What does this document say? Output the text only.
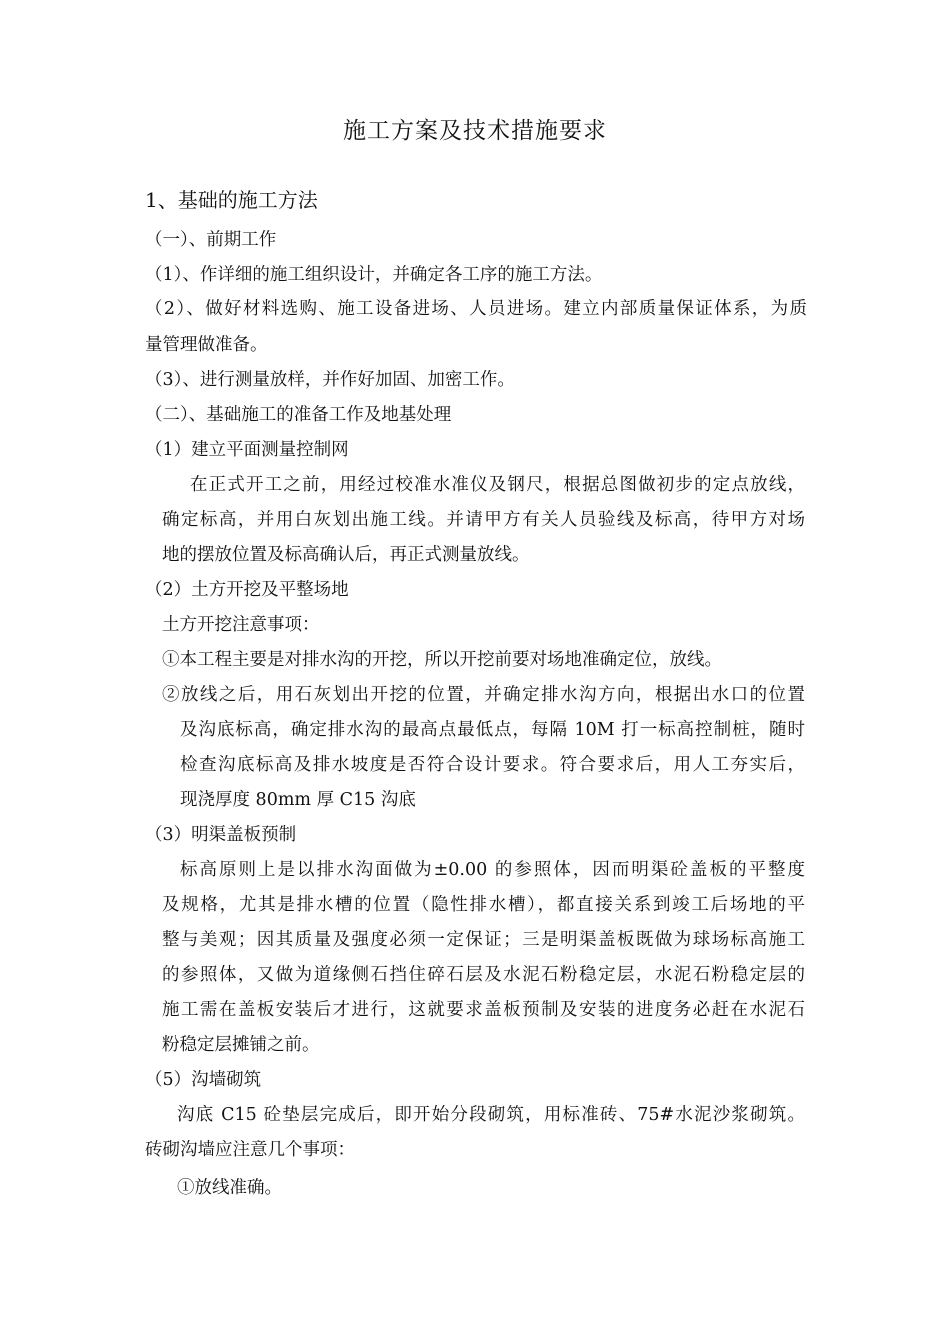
施工方案及技术措施要求
1、基础的施工方法
（一）、前期工作
（1）、作详细的施工组织设计，并确定各工序的施工方法。
（2）、做好材料选购、施工设备进场、人员进场。建立内部质量保证体系，为质
量管理做准备。
（3）、进行测量放样，并作好加固、加密工作。
（二）、基础施工的准备工作及地基处理
（1）建立平面测量控制网
在正式开工之前，用经过校准水准仪及钢尺，根据总图做初步的定点放线，
确定标高，并用白灰划出施工线。并请甲方有关人员验线及标高，待甲方对场
地的摆放位置及标高确认后，再正式测量放线。
（2）土方开挖及平整场地
土方开挖注意事项：
①本工程主要是对排水沟的开挖，所以开挖前要对场地准确定位，放线。
②放线之后，用石灰划出开挖的位置，并确定排水沟方向，根据出水口的位置
及沟底标高，确定排水沟的最高点最低点，每隔 10M 打一标高控制桩，随时
检查沟底标高及排水坡度是否符合设计要求。符合要求后，用人工夯实后，
现浇厚度 80mm 厚 C15 沟底
（3）明渠盖板预制
标高原则上是以排水沟面做为±0.00 的参照体，因而明渠砼盖板的平整度
及规格，尤其是排水槽的位置（隐性排水槽），都直接关系到竣工后场地的平
整与美观；因其质量及强度必须一定保证；三是明渠盖板既做为球场标高施工
的参照体，又做为道缘侧石挡住碎石层及水泥石粉稳定层，水泥石粉稳定层的
施工需在盖板安装后才进行，这就要求盖板预制及安装的进度务必赶在水泥石
粉稳定层摊铺之前。
（5）沟墙砌筑
沟底 C15 砼垫层完成后，即开始分段砌筑，用标准砖、75#水泥沙浆砌筑。
砖砌沟墙应注意几个事项：
①放线准确。
